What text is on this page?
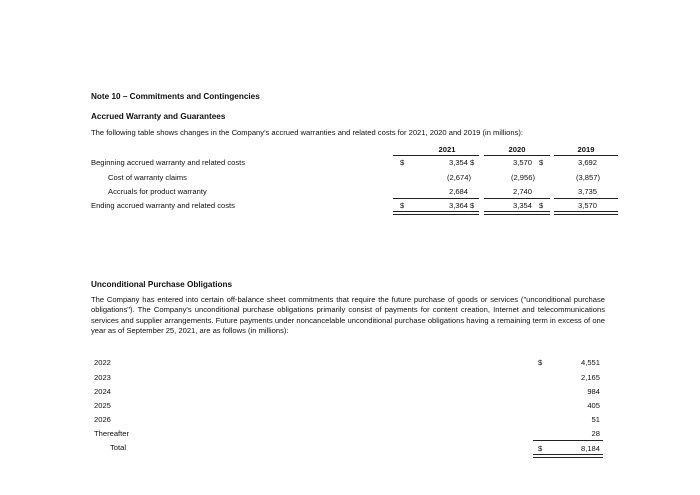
Note 10 – Commitments and Contingencies
Accrued Warranty and Guarantees
The following table shows changes in the Company's accrued warranties and related costs for 2021, 2020 and 2019 (in millions):
2021	2020	2019
Beginning accrued warranty and related costs	$	3,354 $	3,570 $	3,692
Cost of warranty claims	(2,674)	(2,956)	(3,857)
Accruals for product warranty	2,684	2,740	3,735
Ending accrued warranty and related costs	$	3,364 $	3,354 $	3,570
Unconditional Purchase Obligations
The Company has entered into certain off-balance sheet commitments that require the future purchase of goods or services ("unconditional purchase obligations"). The Company's unconditional purchase obligations primarily consist of payments for content creation, Internet and telecommunications services and supplier arrangements. Future payments under noncancelable unconditional purchase obligations having a remaining term in excess of one year as of September 25, 2021, are as follows (in millions):
2022	$	4,551
2023	2,165
2024	984
2025	405
2026	51
Thereafter	28
Total	$	8,184
